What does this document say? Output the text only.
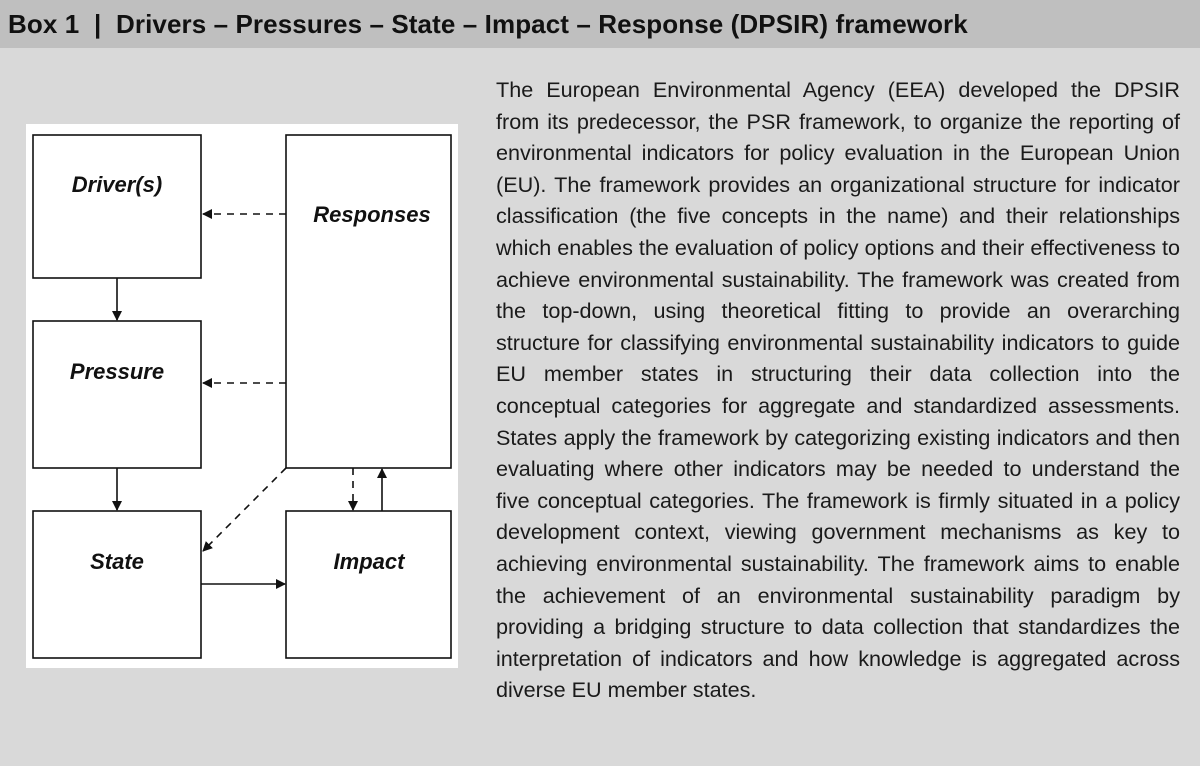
Box 1  |  Drivers – Pressures – State – Impact – Response (DPSIR) framework
Driver(s)
Pressure
State	Impact
Responses
The European Environmental Agency (EEA) developed the DPSIR from its predecessor, the PSR framework, to organize the reporting of environmental indicators for policy evaluation in the European Union (EU). The framework provides an organizational structure for indicator classification (the five concepts in the name) and their relationships which enables the evaluation of policy options and their effectiveness to achieve environmental sustainability. The framework was created from the top-down, using theoretical fitting to provide an overarching structure for classifying environmental sustainability indicators to guide EU member states in structuring their data collection into the conceptual categories for aggregate and standardized assessments. States apply the framework by categorizing existing indicators and then evaluating where other indicators may be needed to understand the five conceptual categories. The framework is firmly situated in a policy development context, viewing government mechanisms as key to achieving environmental sustainability. The framework aims to enable the achievement of an environmental sustainability paradigm by providing a bridging structure to data collection that standardizes the interpretation of indicators and how knowledge is aggregated across diverse EU member states.
